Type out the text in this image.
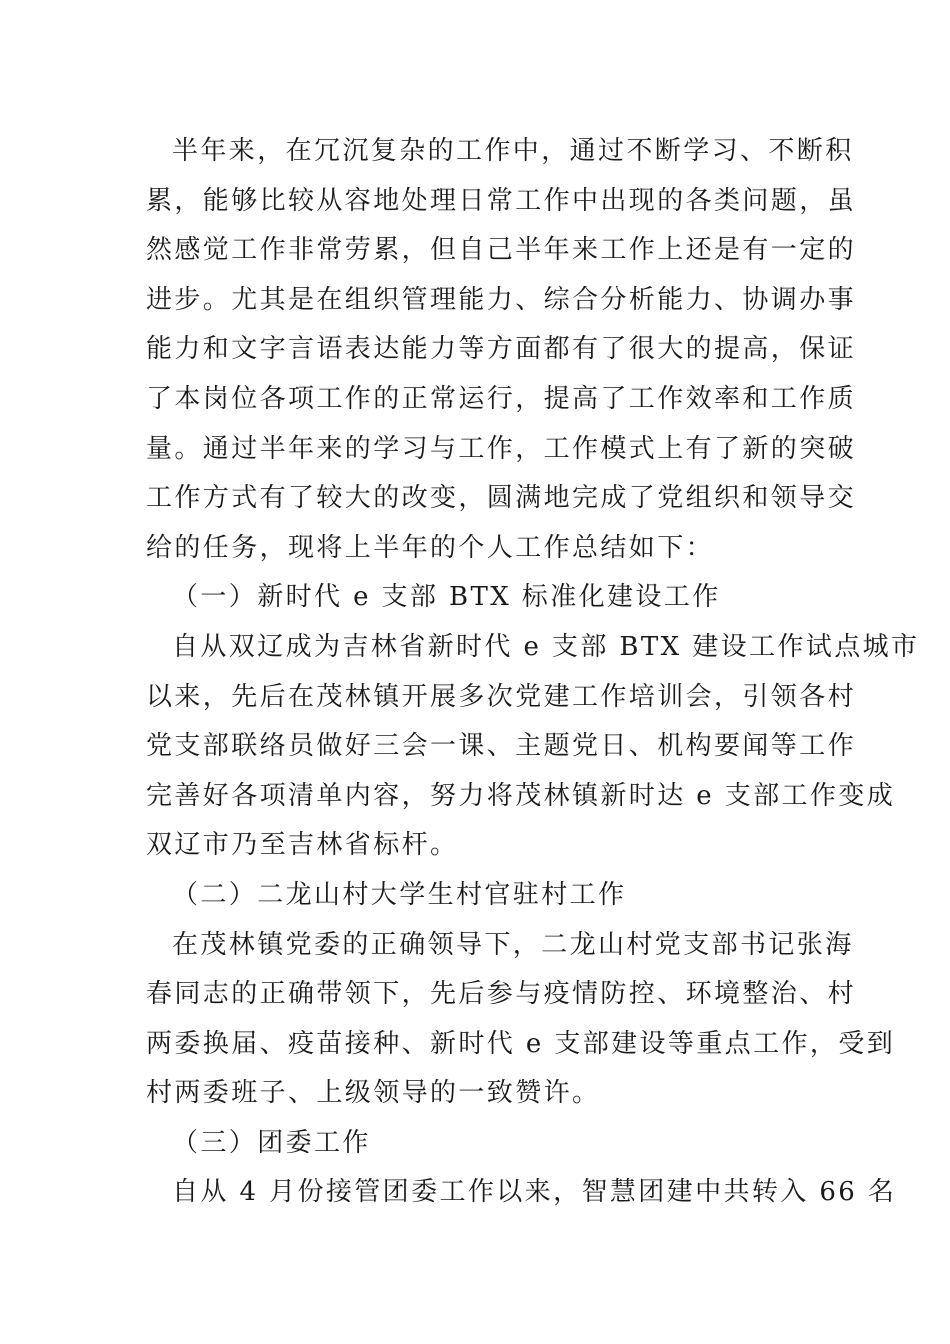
半年来，在冗沉复杂的工作中，通过不断学习、不断积
累，能够比较从容地处理日常工作中出现的各类问题，虽
然感觉工作非常劳累，但自己半年来工作上还是有一定的
进步。尤其是在组织管理能力、综合分析能力、协调办事
能力和文字言语表达能力等方面都有了很大的提高，保证
了本岗位各项工作的正常运行，提高了工作效率和工作质
量。通过半年来的学习与工作，工作模式上有了新的突破
工作方式有了较大的改变，圆满地完成了党组织和领导交
给的任务，现将上半年的个人工作总结如下：
（一）新时代 e 支部 BTX 标准化建设工作
自从双辽成为吉林省新时代 e 支部 BTX 建设工作试点城市
以来，先后在茂林镇开展多次党建工作培训会，引领各村
党支部联络员做好三会一课、主题党日、机构要闻等工作
完善好各项清单内容，努力将茂林镇新时达 e 支部工作变成
双辽市乃至吉林省标杆。
（二）二龙山村大学生村官驻村工作
在茂林镇党委的正确领导下，二龙山村党支部书记张海
春同志的正确带领下，先后参与疫情防控、环境整治、村
两委换届、疫苗接种、新时代 e 支部建设等重点工作，受到
村两委班子、上级领导的一致赞许。
（三）团委工作
自从 4 月份接管团委工作以来，智慧团建中共转入 66 名
